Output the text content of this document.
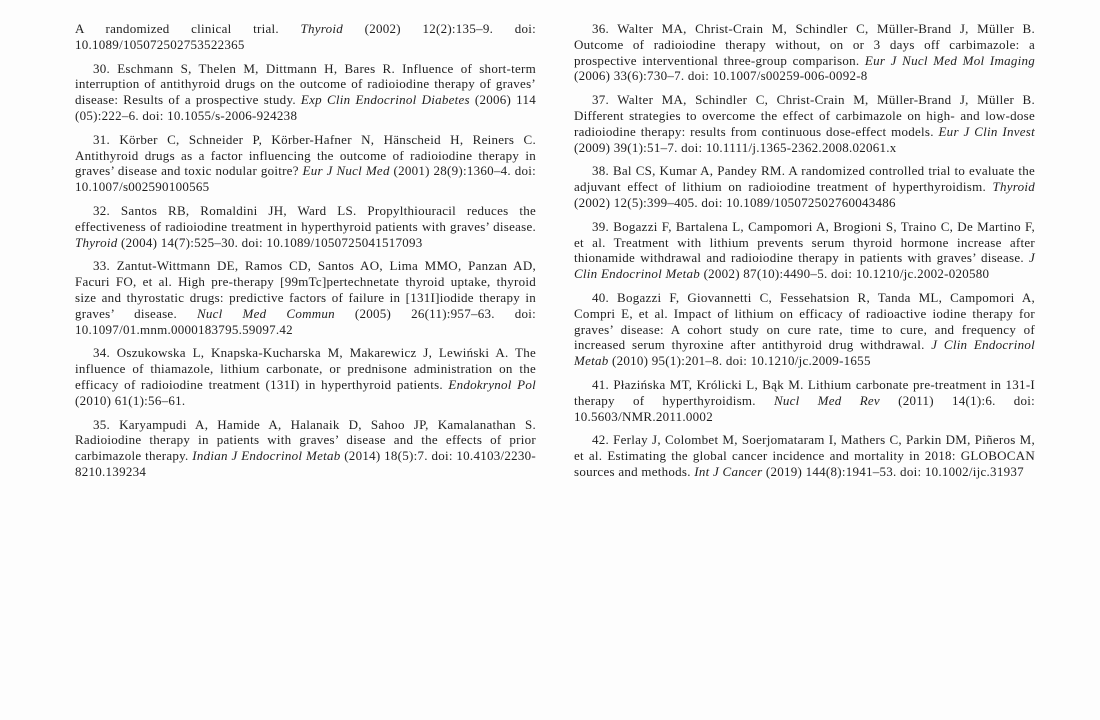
A randomized clinical trial. Thyroid (2002) 12(2):135–9. doi: 10.1089/105072502753522365

30. Eschmann S, Thelen M, Dittmann H, Bares R. Influence of short-term interruption of antithyroid drugs on the outcome of radioiodine therapy of graves’ disease: Results of a prospective study. Exp Clin Endocrinol Diabetes (2006) 114 (05):222–6. doi: 10.1055/s-2006-924238

31. Körber C, Schneider P, Körber-Hafner N, Hänscheid H, Reiners C. Antithyroid drugs as a factor influencing the outcome of radioiodine therapy in graves’ disease and toxic nodular goitre? Eur J Nucl Med (2001) 28(9):1360–4. doi: 10.1007/s002590100565

32. Santos RB, Romaldini JH, Ward LS. Propylthiouracil reduces the effectiveness of radioiodine treatment in hyperthyroid patients with graves’ disease. Thyroid (2004) 14(7):525–30. doi: 10.1089/1050725041517093

33. Zantut-Wittmann DE, Ramos CD, Santos AO, Lima MMO, Panzan AD, Facuri FO, et al. High pre-therapy [99mTc]pertechnetate thyroid uptake, thyroid size and thyrostatic drugs: predictive factors of failure in [131I]iodide therapy in graves’ disease. Nucl Med Commun (2005) 26(11):957–63. doi: 10.1097/01.mnm.0000183795.59097.42

34. Oszukowska L, Knapska-Kucharska M, Makarewicz J, Lewiński A. The influence of thiamazole, lithium carbonate, or prednisone administration on the efficacy of radioiodine treatment (131I) in hyperthyroid patients. Endokrynol Pol (2010) 61(1):56–61.

35. Karyampudi A, Hamide A, Halanaik D, Sahoo JP, Kamalanathan S. Radioiodine therapy in patients with graves’ disease and the effects of prior carbimazole therapy. Indian J Endocrinol Metab (2014) 18(5):7. doi: 10.4103/2230-8210.139234

36. Walter MA, Christ-Crain M, Schindler C, Müller-Brand J, Müller B. Outcome of radioiodine therapy without, on or 3 days off carbimazole: a prospective interventional three-group comparison. Eur J Nucl Med Mol Imaging (2006) 33(6):730–7. doi: 10.1007/s00259-006-0092-8

37. Walter MA, Schindler C, Christ-Crain M, Müller-Brand J, Müller B. Different strategies to overcome the effect of carbimazole on high- and low-dose radioiodine therapy: results from continuous dose-effect models. Eur J Clin Invest (2009) 39(1):51–7. doi: 10.1111/j.1365-2362.2008.02061.x

38. Bal CS, Kumar A, Pandey RM. A randomized controlled trial to evaluate the adjuvant effect of lithium on radioiodine treatment of hyperthyroidism. Thyroid (2002) 12(5):399–405. doi: 10.1089/105072502760043486

39. Bogazzi F, Bartalena L, Campomori A, Brogioni S, Traino C, De Martino F, et al. Treatment with lithium prevents serum thyroid hormone increase after thionamide withdrawal and radioiodine therapy in patients with graves’ disease. J Clin Endocrinol Metab (2002) 87(10):4490–5. doi: 10.1210/jc.2002-020580

40. Bogazzi F, Giovannetti C, Fessehatsion R, Tanda ML, Campomori A, Compri E, et al. Impact of lithium on efficacy of radioactive iodine therapy for graves’ disease: A cohort study on cure rate, time to cure, and frequency of increased serum thyroxine after antithyroid drug withdrawal. J Clin Endocrinol Metab (2010) 95(1):201–8. doi: 10.1210/jc.2009-1655

41. Płazińska MT, Królicki L, Bąk M. Lithium carbonate pre-treatment in 131-I therapy of hyperthyroidism. Nucl Med Rev (2011) 14(1):6. doi: 10.5603/NMR.2011.0002

42. Ferlay J, Colombet M, Soerjomataram I, Mathers C, Parkin DM, Piñeros M, et al. Estimating the global cancer incidence and mortality in 2018: GLOBOCAN sources and methods. Int J Cancer (2019) 144(8):1941–53. doi: 10.1002/ijc.31937
